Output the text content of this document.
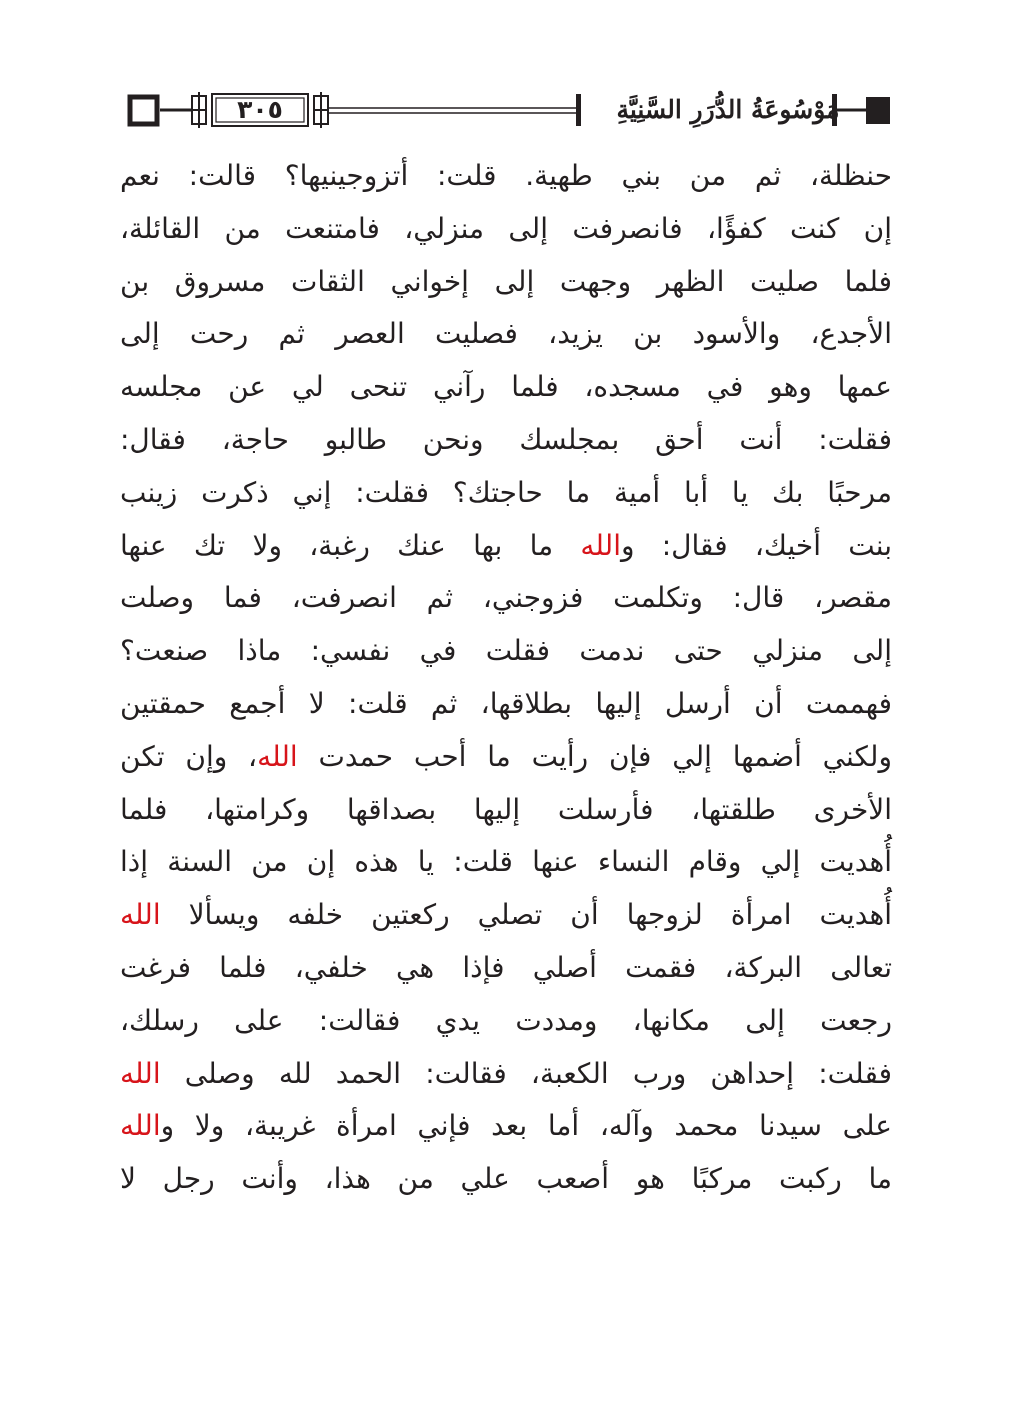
٣٠٥	مَوْسُوعَةُ الدُّرَرِ السَّنِيَّةِ
حنظلة، ثم من بني طهية. قلت: أتزوجينيها؟ قالت: نعم
إن كنت كفؤًا، فانصرفت إلى منزلي، فامتنعت من القائلة،
فلما صليت الظهر وجهت إلى إخواني الثقات مسروق بن
الأجدع، والأسود بن يزيد، فصليت العصر ثم رحت إلى
عمها وهو في مسجده، فلما رآني تنحى لي عن مجلسه
فقلت: أنت أحق بمجلسك ونحن طالبو حاجة، فقال:
مرحبًا بك يا أبا أمية ما حاجتك؟ فقلت: إني ذكرت زينب
بنت أخيك، فقال: والله ما بها عنك رغبة، ولا تك عنها
مقصر، قال: وتكلمت فزوجني، ثم انصرفت، فما وصلت
إلى منزلي حتى ندمت فقلت في نفسي: ماذا صنعت؟
فهممت أن أرسل إليها بطلاقها، ثم قلت: لا أجمع حمقتين
ولكني أضمها إلي فإن رأيت ما أحب حمدت الله، وإن تكن
الأخرى طلقتها، فأرسلت إليها بصداقها وكرامتها، فلما
أُهديت إلي وقام النساء عنها قلت: يا هذه إن من السنة إذا
أُهديت امرأة لزوجها أن تصلي ركعتين خلفه ويسألا الله
تعالى البركة، فقمت أصلي فإذا هي خلفي، فلما فرغت
رجعت إلى مكانها، ومددت يدي فقالت: على رسلك،
فقلت: إحداهن ورب الكعبة، فقالت: الحمد لله وصلى الله
على سيدنا محمد وآله، أما بعد فإني امرأة غريبة، ولا والله
ما ركبت مركبًا هو أصعب علي من هذا، وأنت رجل لا
